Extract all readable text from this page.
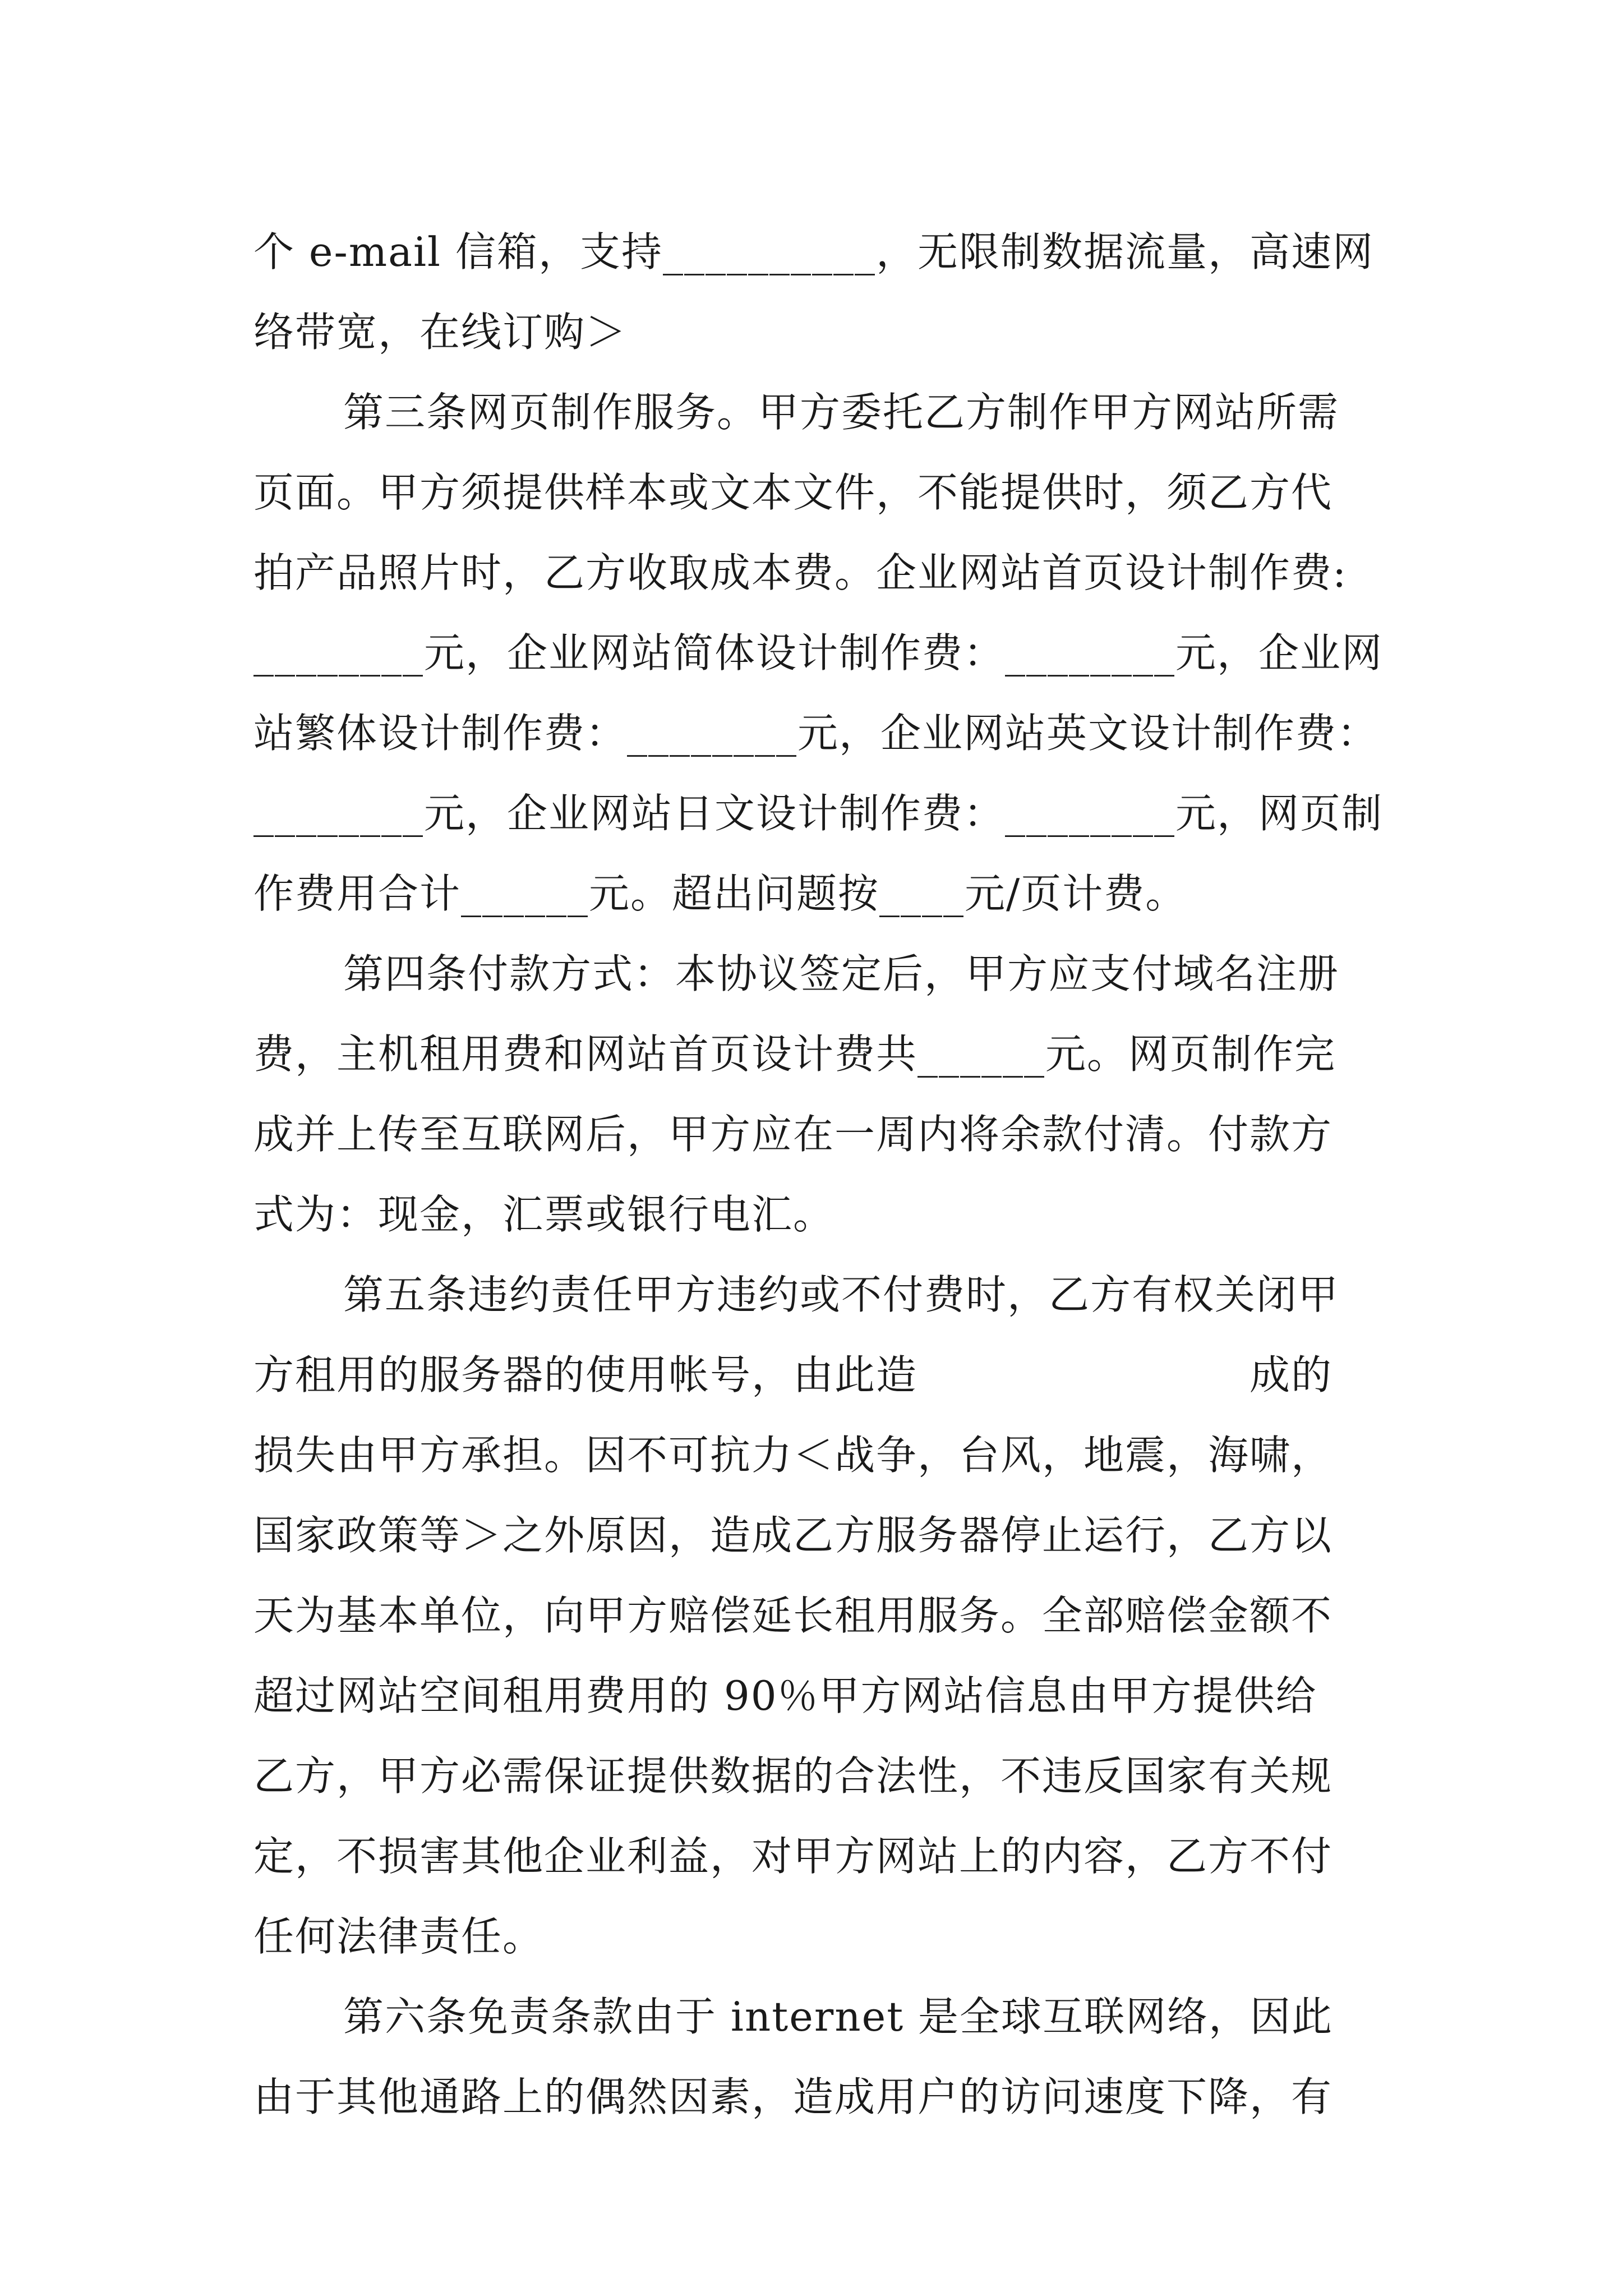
个 e-mail 信箱，支持__________，无限制数据流量，高速网
络带宽，在线订购＞
第三条网页制作服务。甲方委托乙方制作甲方网站所需
页面。甲方须提供样本或文本文件，不能提供时，须乙方代
拍产品照片时，乙方收取成本费。企业网站首页设计制作费:
________元，企业网站简体设计制作费：________元，企业网
站繁体设计制作费：________元，企业网站英文设计制作费：
________元，企业网站日文设计制作费：________元，网页制
作费用合计______元。超出问题按____元/页计费。
第四条付款方式：本协议签定后，甲方应支付域名注册
费，主机租用费和网站首页设计费共______元。网页制作完
成并上传至互联网后，甲方应在一周内将余款付清。付款方
式为：现金，汇票或银行电汇。
第五条违约责任甲方违约或不付费时，乙方有权关闭甲
方租用的服务器的使用帐号，由此造　　　　　　　　成的
损失由甲方承担。因不可抗力＜战争，台风，地震，海啸，
国家政策等＞之外原因，造成乙方服务器停止运行，乙方以
天为基本单位，向甲方赔偿延长租用服务。全部赔偿金额不
超过网站空间租用费用的 90％甲方网站信息由甲方提供给
乙方，甲方必需保证提供数据的合法性，不违反国家有关规
定，不损害其他企业利益，对甲方网站上的内容，乙方不付
任何法律责任。
第六条免责条款由于 internet 是全球互联网络，因此
由于其他通路上的偶然因素，造成用户的访问速度下降，有
